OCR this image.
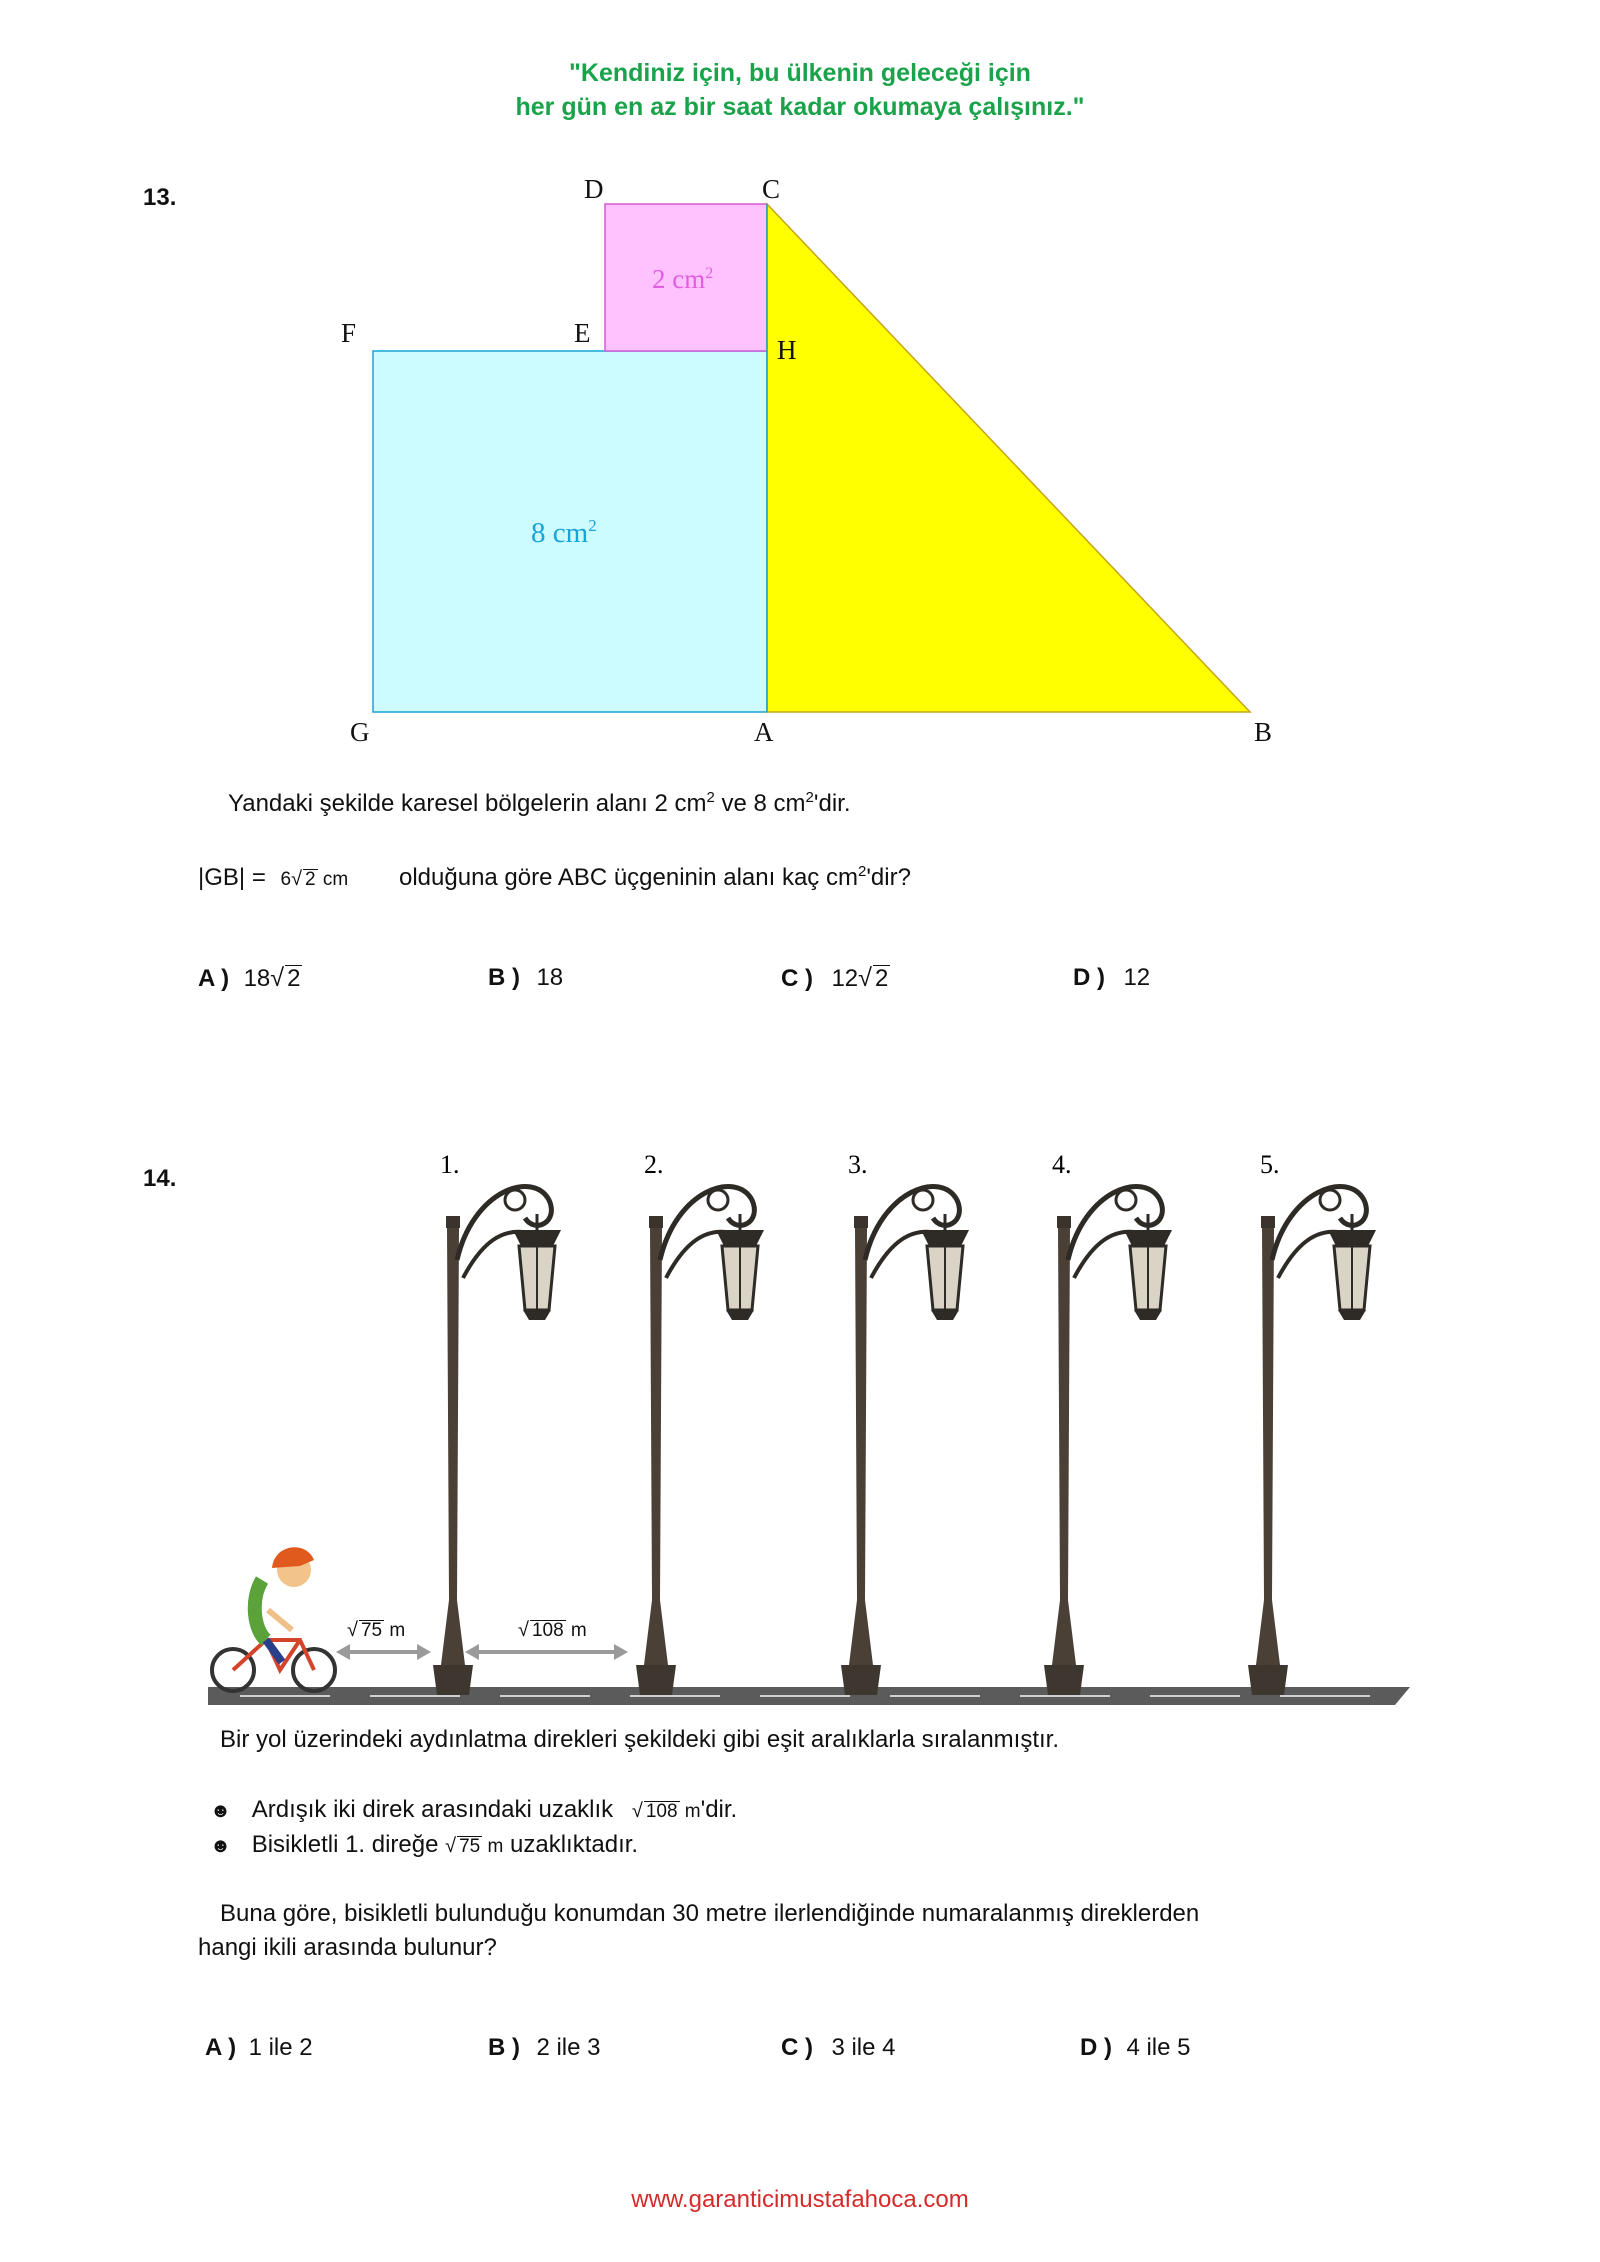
"Kendiniz için, bu ülkenin geleceği için
her gün en az bir saat kadar okumaya çalışınız."
13.	D	C
F	E
H
G	A	B
2 $cm^2$
8 $cm^2$
Yandaki şekilde karesel bölgelerin alanı 2 $cm^2$ ve 8 $cm^2'dir$.
|GB| = 6√ 2 cm olduğuna göre ABC üçgeninin alanı kaç $cm^2'dir$?
A ) 18√ 2	B ) 18	C ) 12√ 2	D ) 12
14.	1.	2.	3.	4.	5.
√ 75 m	√ 108 m
Bir yol üzerindeki aydınlatma direkleri şekildeki gibi eşit aralıklarla sıralanmıştır.
☻ Ardışık iki direk arasındaki uzaklık √ 108 m'dir.
☻ Bisikletli 1. direğe √ 75 m uzaklıktadır.
Buna göre, bisikletli bulunduğu konumdan 30 metre ilerlendiğinde numaralanmış direklerden
hangi ikili arasında bulunur?
A ) 1 ile 2	B ) 2 ile 3	C ) 3 ile 4	D ) 4 ile 5
www.garanticimustafahoca.com
